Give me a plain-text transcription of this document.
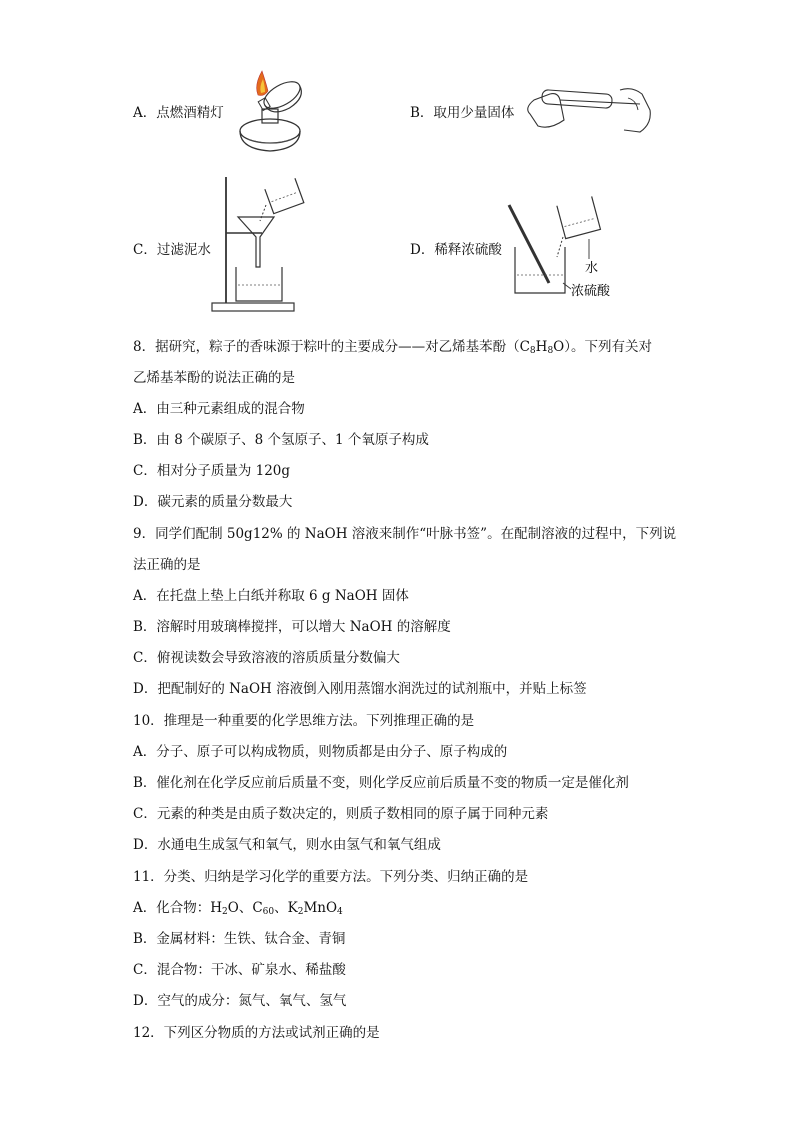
A．点燃酒精灯	B．取用少量固体
C．过滤泥水	D．稀释浓硫酸
水
浓硫酸
8．据研究，粽子的香味源于粽叶的主要成分——对乙烯基苯酚$(C_8H_8O)$。下列有关对
乙烯基苯酚的说法正确的是
A．由三种元素组成的混合物
B．由 8 个碳原子、8 个氢原子、1 个氧原子构成
C．相对分子质量为 120g
D．碳元素的质量分数最大
9．同学们配制 50g12% 的 NaOH 溶液来制作“叶脉书签”。在配制溶液的过程中，下列说
法正确的是
A．在托盘上垫上白纸并称取 6 g NaOH 固体
B．溶解时用玻璃棒搅拌，可以增大 NaOH 的溶解度
C．俯视读数会导致溶液的溶质质量分数偏大
D．把配制好的 NaOH 溶液倒入刚用蒸馏水润洗过的试剂瓶中，并贴上标签
10．推理是一种重要的化学思维方法。下列推理正确的是
A．分子、原子可以构成物质，则物质都是由分子、原子构成的
B．催化剂在化学反应前后质量不变，则化学反应前后质量不变的物质一定是催化剂
C．元素的种类是由质子数决定的，则质子数相同的原子属于同种元素
D．水通电生成氢气和氧气，则水由氢气和氧气组成
11．分类、归纳是学习化学的重要方法。下列分类、归纳正确的是
A．化合物：$H_2O$、$C_{60}$、$K_2MnO_4$
B．金属材料：生铁、钛合金、青铜
C．混合物：干冰、矿泉水、稀盐酸
D．空气的成分：氮气、氧气、氢气
12．下列区分物质的方法或试剂正确的是
